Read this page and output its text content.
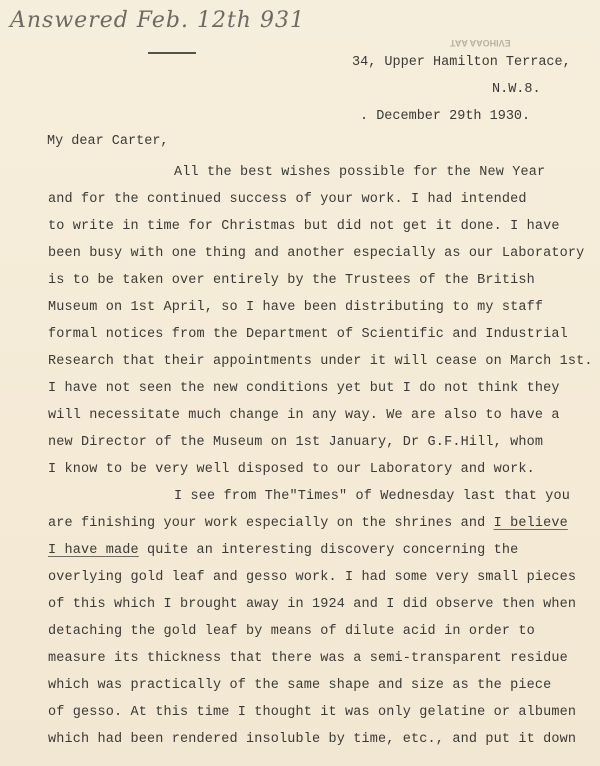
Answered Feb. 12th 931
EVIHOAA AAT
34, Upper Hamilton Terrace,
N.W.8.
. December 29th 1930.
My dear Carter,
All the best wishes possible for the New Year
and for the continued success of your work. I had intended
to write in time for Christmas but did not get it done. I have
been busy with one thing and another especially as our Laboratory
is to be taken over entirely by the Trustees of the British
Museum on 1st April, so I have been distributing to my staff
formal notices from the Department of Scientific and Industrial
Research that their appointments under it will cease on March 1st.
I have not seen the new conditions yet but I do not think they
will necessitate much change in any way. We are also to have a
new Director of the Museum on 1st January, Dr G.F.Hill, whom
I know to be very well disposed to our Laboratory and work.
I see from The"Times" of Wednesday last that you
are finishing your work especially on the shrines and I believe
I have made quite an interesting discovery concerning the
overlying gold leaf and gesso work. I had some very small pieces
of this which I brought away in 1924 and I did observe then when
detaching the gold leaf by means of dilute acid in order to
measure its thickness that there was a semi-transparent residue
which was practically of the same shape and size as the piece
of gesso. At this time I thought it was only gelatine or albumen
which had been rendered insoluble by time, etc., and put it down
